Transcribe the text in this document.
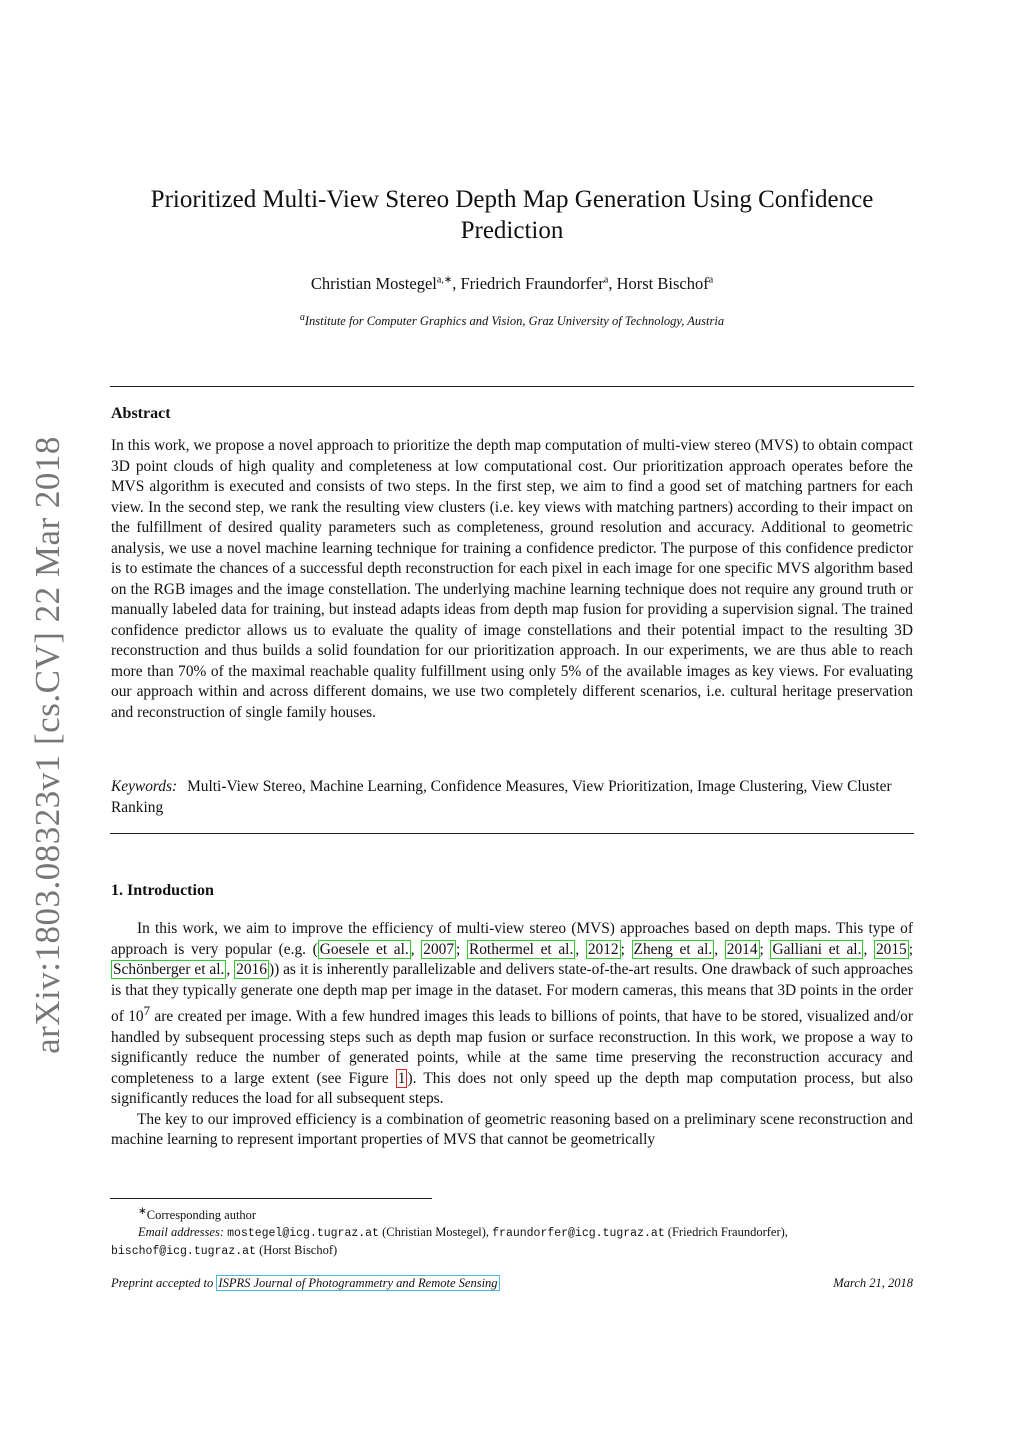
arXiv:1803.08323v1 [cs.CV] 22 Mar 2018
Prioritized Multi-View Stereo Depth Map Generation Using Confidence
Prediction
Christian Mostegel$^{a,∗}$, Friedrich Fraundorfer$^a$, Horst Bischof$^a$
$^a$Institute for Computer Graphics and Vision, Graz University of Technology, Austria
Abstract
In this work, we propose a novel approach to prioritize the depth map computation of multi-view stereo (MVS) to obtain compact 3D point clouds of high quality and completeness at low computational cost. Our prioritization approach operates before the MVS algorithm is executed and consists of two steps. In the first step, we aim to find a good set of matching partners for each view. In the second step, we rank the resulting view clusters (i.e. key views with matching partners) according to their impact on the fulfillment of desired quality parameters such as completeness, ground resolution and accuracy. Additional to geometric analysis, we use a novel machine learning technique for training a confidence predictor. The purpose of this confidence predictor is to estimate the chances of a successful depth reconstruction for each pixel in each image for one specific MVS algorithm based on the RGB images and the image constellation. The underlying machine learning technique does not require any ground truth or manually labeled data for training, but instead adapts ideas from depth map fusion for providing a supervision signal. The trained confidence predictor allows us to evaluate the quality of image constellations and their potential impact to the resulting 3D reconstruction and thus builds a solid foundation for our prioritization approach. In our experiments, we are thus able to reach more than 70% of the maximal reachable quality fulfillment using only 5% of the available images as key views. For evaluating our approach within and across different domains, we use two completely different scenarios, i.e. cultural heritage preservation and reconstruction of single family houses.
Keywords: Multi-View Stereo, Machine Learning, Confidence Measures, View Prioritization, Image Clustering, View Cluster Ranking
1. Introduction

In this work, we aim to improve the efficiency of multi-view stereo (MVS) approaches based on depth maps. This type of approach is very popular (e.g. ( Goesele et al. , 2007 ; Rothermel et al. , 2012 ; Zheng et al. , 2014 ; Galliani et al. , 2015 ; Schönberger et al. , 2016 )) as it is inherently parallelizable and delivers state-of-the-art results. One drawback of such approaches is that they typically generate one depth map per image in the dataset. For modern cameras, this means that 3D points in the order of $10^7$ are created per image. With a few hundred images this leads to billions of points, that have to be stored, visualized and/or handled by subsequent processing steps such as depth map fusion or surface reconstruction. In this work, we propose a way to significantly reduce the number of generated points, while at the same time preserving the reconstruction accuracy and completeness to a large extent (see Figure 1 ). This does not only speed up the depth map computation process, but also significantly reduces the load for all subsequent steps.

The key to our improved efficiency is a combination of geometric reasoning based on a preliminary scene reconstruction and machine learning to represent important properties of MVS that cannot be geometrically

∗Corresponding author
Email addresses: mostegel@icg.tugraz.at (Christian Mostegel), fraundorfer@icg.tugraz.at (Friedrich Fraundorfer),
bischof@icg.tugraz.at (Horst Bischof)
Preprint accepted to ISPRS Journal of Photogrammetry and Remote Sensing	March 21, 2018
